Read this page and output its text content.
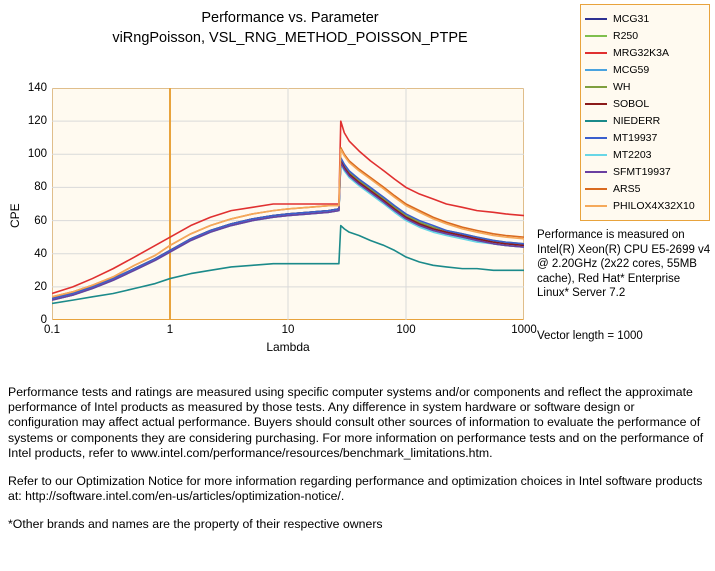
Performance vs. Parameter
viRngPoisson, VSL_RNG_METHOD_POISSON_PTPE
0
20
40
60
80
100
120
140
0.1	1	10	100	1000
CPE
Lambda
MCG31
R250
MRG32K3A
MCG59
WH
SOBOL
NIEDERR
MT19937
MT2203
SFMT19937
ARS5
PHILOX4X32X10
Performance is measured on Intel(R) Xeon(R) CPU E5-2699 v4 @ 2.20GHz (2x22 cores, 55MB cache), Red Hat* Enterprise Linux* Server 7.2
Vector length = 1000

Performance tests and ratings are measured using specific computer systems and/or components and reflect the approximate performance of Intel products as measured by those tests. Any difference in system hardware or software design or configuration may affect actual performance. Buyers should consult other sources of information to evaluate the performance of systems or components they are considering purchasing. For more information on performance tests and on the performance of Intel products, refer to www.intel.com/performance/resources/benchmark_limitations.htm.

Refer to our Optimization Notice for more information regarding performance and optimization choices in Intel software products at: http://software.intel.com/en-us/articles/optimization-notice/.

*Other brands and names are the property of their respective owners
